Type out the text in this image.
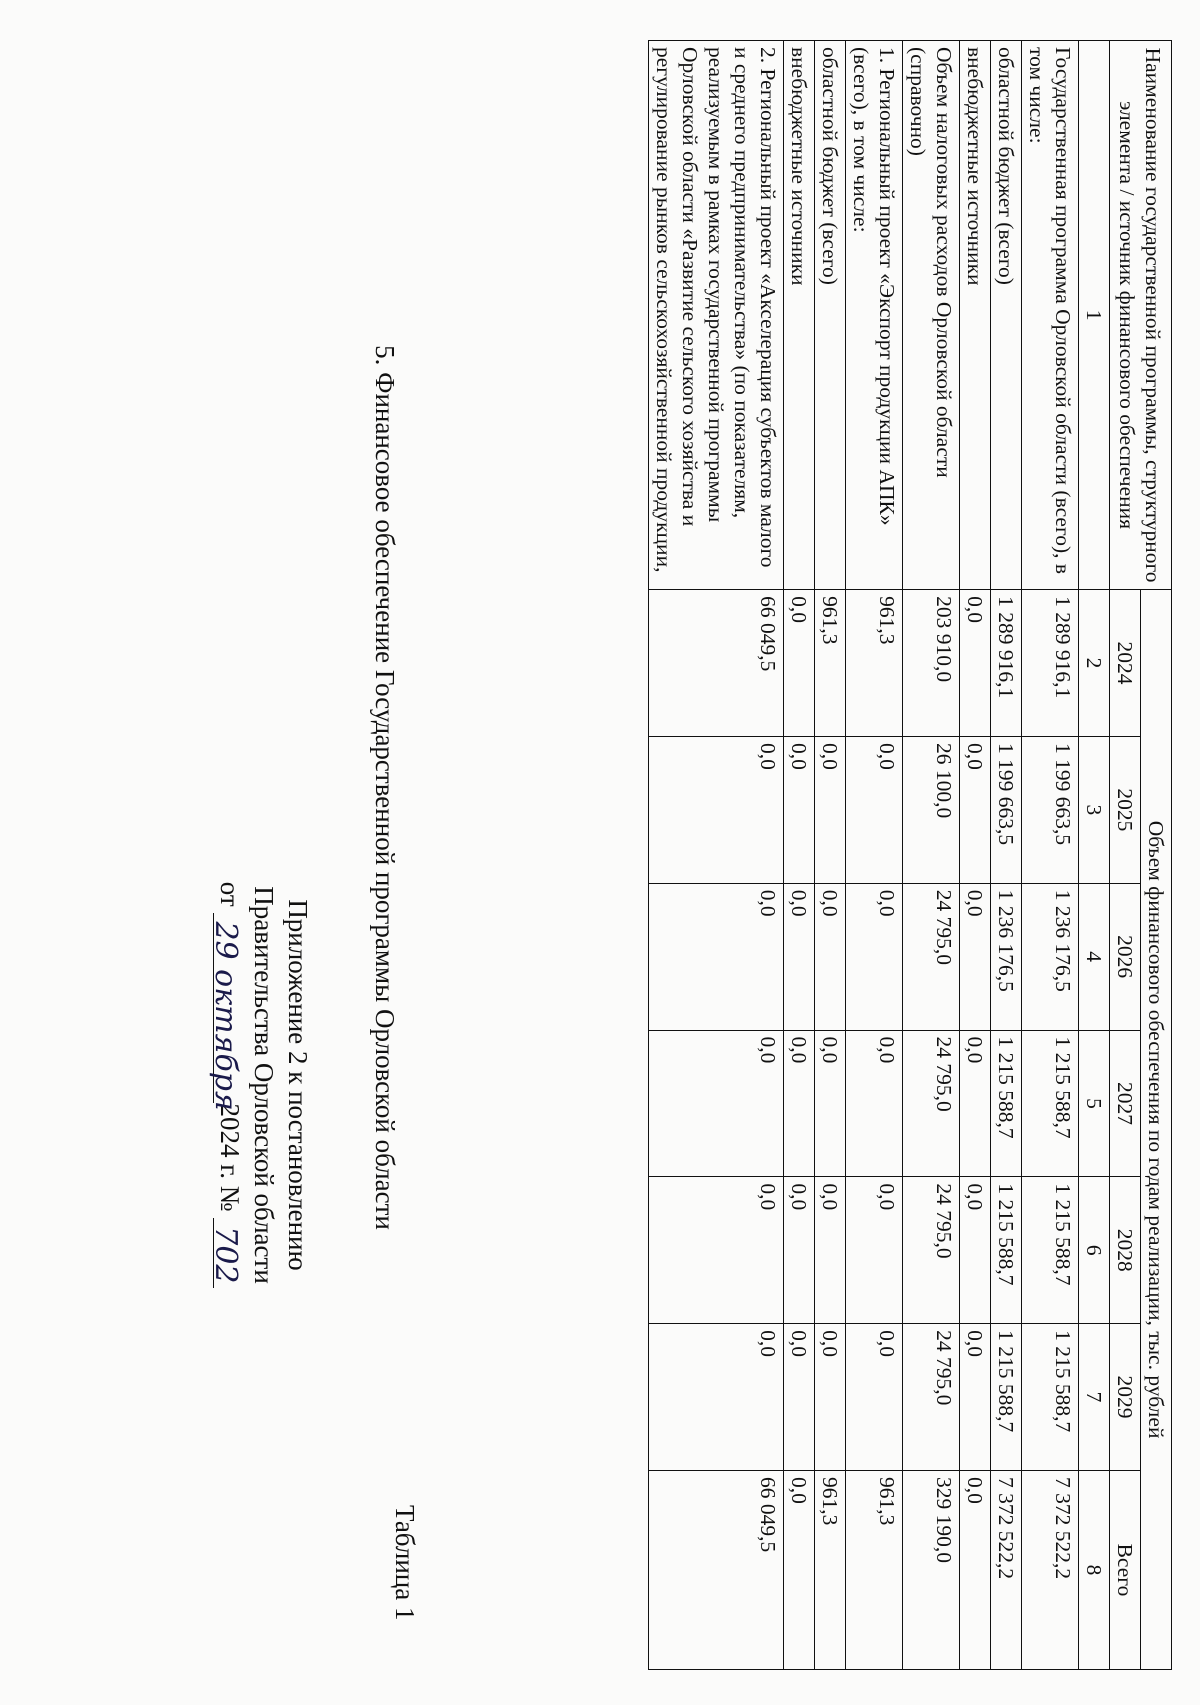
Приложение 2 к постановлению
Правительства Орловской области
от
29 октября
2024 г. №
702
Таблица 1
5. Финансовое обеспечение Государственной программы Орловской области
Наименование государственной программы, структурного элемента / источник финансового обеспечения	Объем финансового обеспечения по годам реализации, тыс. рублей						
	2024	2025	2026	2027	2028	2029	Всего
1	2	3	4	5	6	7	8
Государственная программа Орловской области (всего), в том числе:	1 289 916,1	1 199 663,5	1 236 176,5	1 215 588,7	1 215 588,7	1 215 588,7	7 372 522,2
областной бюджет (всего)	1 289 916,1	1 199 663,5	1 236 176,5	1 215 588,7	1 215 588,7	1 215 588,7	7 372 522,2
внебюджетные источники	0,0	0,0	0,0	0,0	0,0	0,0	0,0
Объем налоговых расходов Орловской области (справочно)	203 910,0	26 100,0	24 795,0	24 795,0	24 795,0	24 795,0	329 190,0
1. Региональный проект «Экспорт продукции АПК» (всего), в том числе:	961,3	0,0	0,0	0,0	0,0	0,0	961,3
областной бюджет (всего)	961,3	0,0	0,0	0,0	0,0	0,0	961,3
внебюджетные источники	0,0	0,0	0,0	0,0	0,0	0,0	0,0
2. Региональный проект «Акселерация субъектов малого и среднего предпринимательства» (по показателям, реализуемым в рамках государственной программы Орловской области «Развитие сельского хозяйства и регулирование рынков сельскохозяйственной продукции,	66 049,5	0,0	0,0	0,0	0,0	0,0	66 049,5
